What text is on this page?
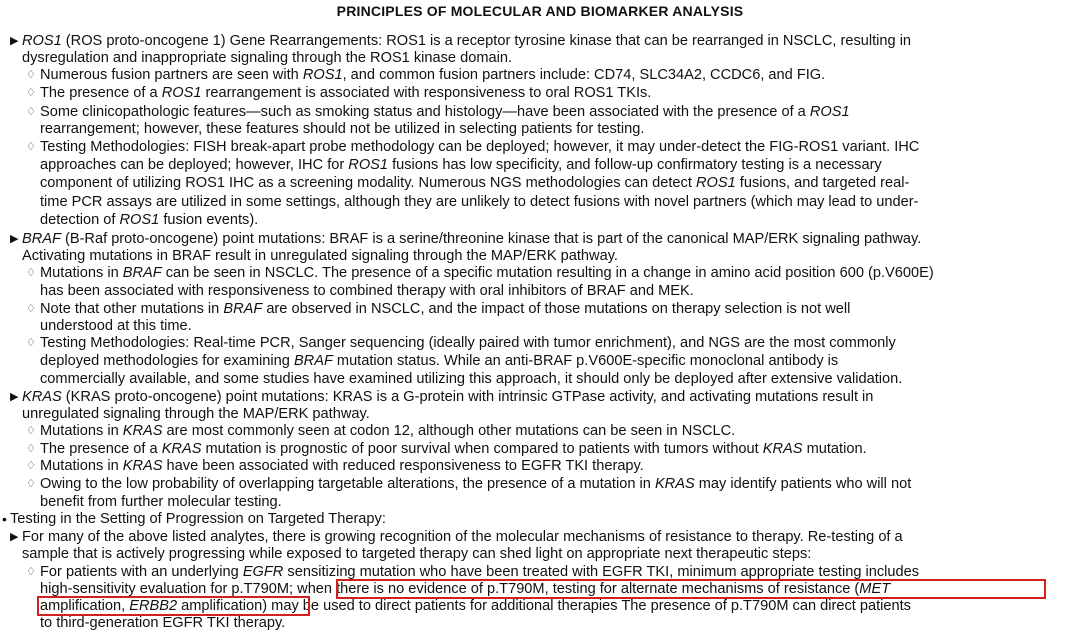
PRINCIPLES OF MOLECULAR AND BIOMARKER ANALYSIS
▶ ROS1 (ROS proto-oncogene 1) Gene Rearrangements: ROS1 is a receptor tyrosine kinase that can be rearranged in NSCLC, resulting in
dysregulation and inappropriate signaling through the ROS1 kinase domain.
♢ Numerous fusion partners are seen with ROS1, and common fusion partners include: CD74, SLC34A2, CCDC6, and FIG.
♢ The presence of a ROS1 rearrangement is associated with responsiveness to oral ROS1 TKIs.
♢ Some clinicopathologic features—such as smoking status and histology—have been associated with the presence of a ROS1
rearrangement; however, these features should not be utilized in selecting patients for testing.
♢ Testing Methodologies: FISH break-apart probe methodology can be deployed; however, it may under-detect the FIG-ROS1 variant. IHC
approaches can be deployed; however, IHC for ROS1 fusions has low specificity, and follow-up confirmatory testing is a necessary
component of utilizing ROS1 IHC as a screening modality. Numerous NGS methodologies can detect ROS1 fusions, and targeted real-
time PCR assays are utilized in some settings, although they are unlikely to detect fusions with novel partners (which may lead to under-
detection of ROS1 fusion events).
▶ BRAF (B-Raf proto-oncogene) point mutations: BRAF is a serine/threonine kinase that is part of the canonical MAP/ERK signaling pathway.
Activating mutations in BRAF result in unregulated signaling through the MAP/ERK pathway.
♢ Mutations in BRAF can be seen in NSCLC. The presence of a specific mutation resulting in a change in amino acid position 600 (p.V600E)
has been associated with responsiveness to combined therapy with oral inhibitors of BRAF and MEK.
♢ Note that other mutations in BRAF are observed in NSCLC, and the impact of those mutations on therapy selection is not well
understood at this time.
♢ Testing Methodologies: Real-time PCR, Sanger sequencing (ideally paired with tumor enrichment), and NGS are the most commonly
deployed methodologies for examining BRAF mutation status. While an anti-BRAF p.V600E-specific monoclonal antibody is
commercially available, and some studies have examined utilizing this approach, it should only be deployed after extensive validation.
▶ KRAS (KRAS proto-oncogene) point mutations: KRAS is a G-protein with intrinsic GTPase activity, and activating mutations result in
unregulated signaling through the MAP/ERK pathway.
♢ Mutations in KRAS are most commonly seen at codon 12, although other mutations can be seen in NSCLC.
♢ The presence of a KRAS mutation is prognostic of poor survival when compared to patients with tumors without KRAS mutation.
♢ Mutations in KRAS have been associated with reduced responsiveness to EGFR TKI therapy.
♢ Owing to the low probability of overlapping targetable alterations, the presence of a mutation in KRAS may identify patients who will not
benefit from further molecular testing.
• Testing in the Setting of Progression on Targeted Therapy:
▶ For many of the above listed analytes, there is growing recognition of the molecular mechanisms of resistance to therapy. Re-testing of a
sample that is actively progressing while exposed to targeted therapy can shed light on appropriate next therapeutic steps:
♢ For patients with an underlying EGFR sensitizing mutation who have been treated with EGFR TKI, minimum appropriate testing includes
high-sensitivity evaluation for p.T790M; when there is no evidence of p.T790M, testing for alternate mechanisms of resistance (MET
amplification, ERBB2 amplification) may be used to direct patients for additional therapies The presence of p.T790M can direct patients
to third-generation EGFR TKI therapy.
